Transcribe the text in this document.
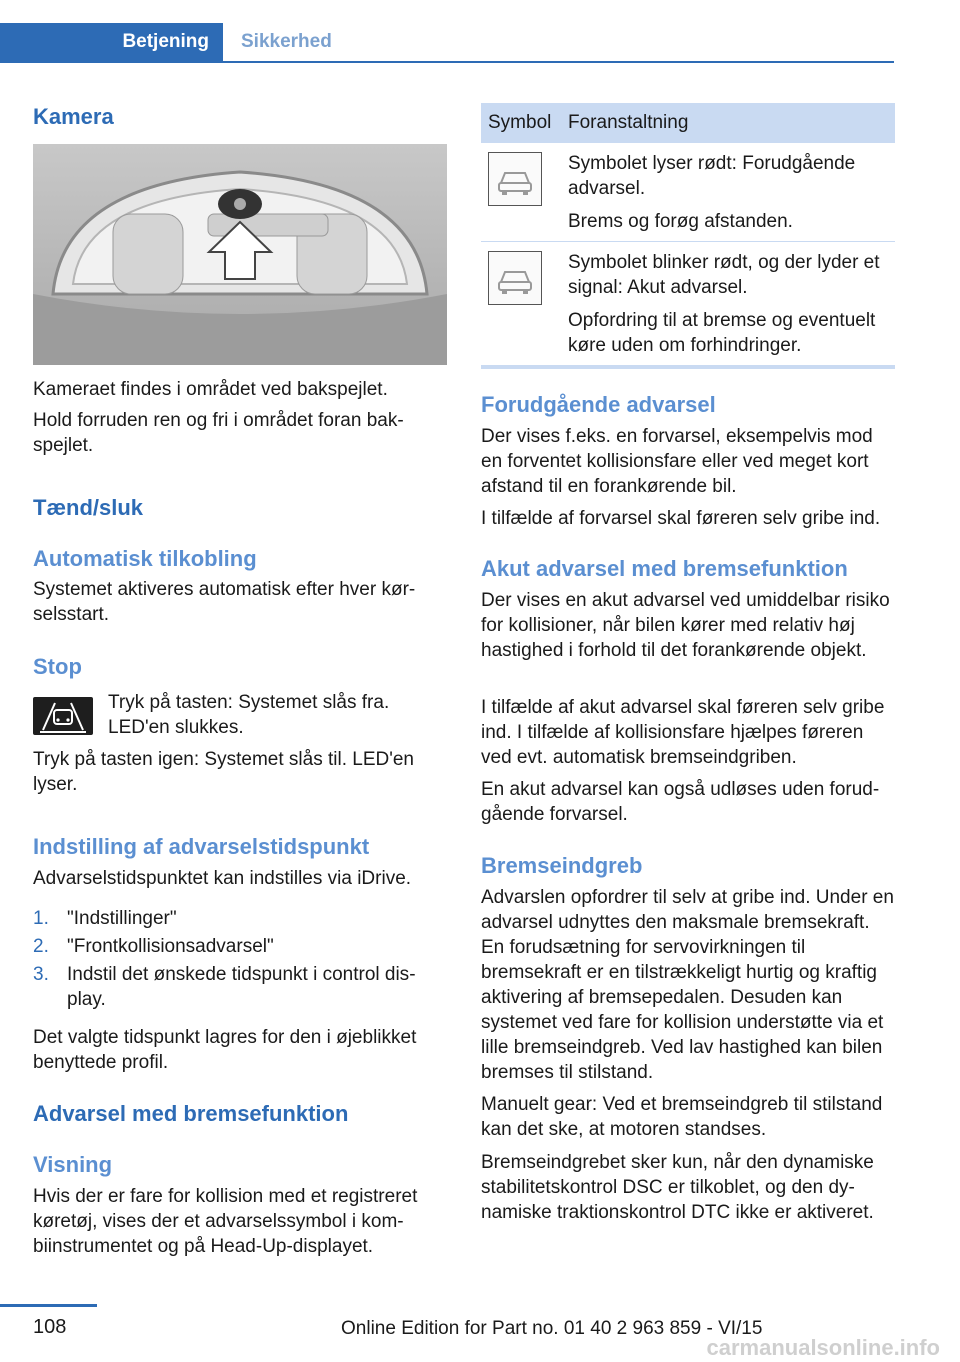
Betjening	Sikkerhed
Kamera

Kameraet findes i området ved bakspejlet.

Hold forruden ren og fri i området foran bakspejlet.

Tænd/sluk
Automatisk tilkobling

Systemet aktiveres automatisk efter hver kørselsstart.

Stop

Tryk på tasten: Systemet slås fra. LED'en slukkes.

Tryk på tasten igen: Systemet slås til. LED'en lyser.

Indstilling af advarselstidspunkt

Advarselstidspunktet kan indstilles via iDrive.

1. "Indstillinger"
2. "Frontkollisionsadvarsel"
3. Indstil det ønskede tidspunkt i control display.

Det valgte tidspunkt lagres for den i øjeblikket benyttede profil.

Advarsel med bremsefunktion
Visning

Hvis der er fare for kollision med et registreret køretøj, vises der et advarselssymbol i kombiinstrumentet og på Head-Up-displayet.

Symbol Foranstaltning

Symbolet lyser rødt: Forudgående advarsel.

Brems og forøg afstanden.

Symbolet blinker rødt, og der lyder et signal: Akut advarsel.

Opfordring til at bremse og eventuelt køre uden om forhindringer.

Forudgående advarsel

Der vises f.eks. en forvarsel, eksempelvis mod en forventet kollisionsfare eller ved meget kort afstand til en forankørende bil.

I tilfælde af forvarsel skal føreren selv gribe ind.

Akut advarsel med bremsefunktion

Der vises en akut advarsel ved umiddelbar risiko for kollisioner, når bilen kører med relativ høj hastighed i forhold til det forankørende objekt.

I tilfælde af akut advarsel skal føreren selv gribe ind. I tilfælde af kollisionsfare hjælpes føreren ved evt. automatisk bremseindgriben.

En akut advarsel kan også udløses uden forudgående forvarsel.

Bremseindgreb

Advarslen opfordrer til selv at gribe ind. Under en advarsel udnyttes den maksmale bremsekraft. En forudsætning for servovirkningen til bremsekraft er en tilstrækkeligt hurtig og kraftig aktivering af bremsepedalen. Desuden kan systemet ved fare for kollision understøtte via et lille bremseindgreb. Ved lav hastighed kan bilen bremses til stilstand.

Manuelt gear: Ved et bremseindgreb til stilstand kan det ske, at motoren standses.

Bremseindgrebet sker kun, når den dynamiske stabilitetskontrol DSC er tilkoblet, og den dynamiske traktionskontrol DTC ikke er aktiveret.

108	Online Edition for Part no. 01 40 2 963 859 - VI/15
carmanualsonline.info
